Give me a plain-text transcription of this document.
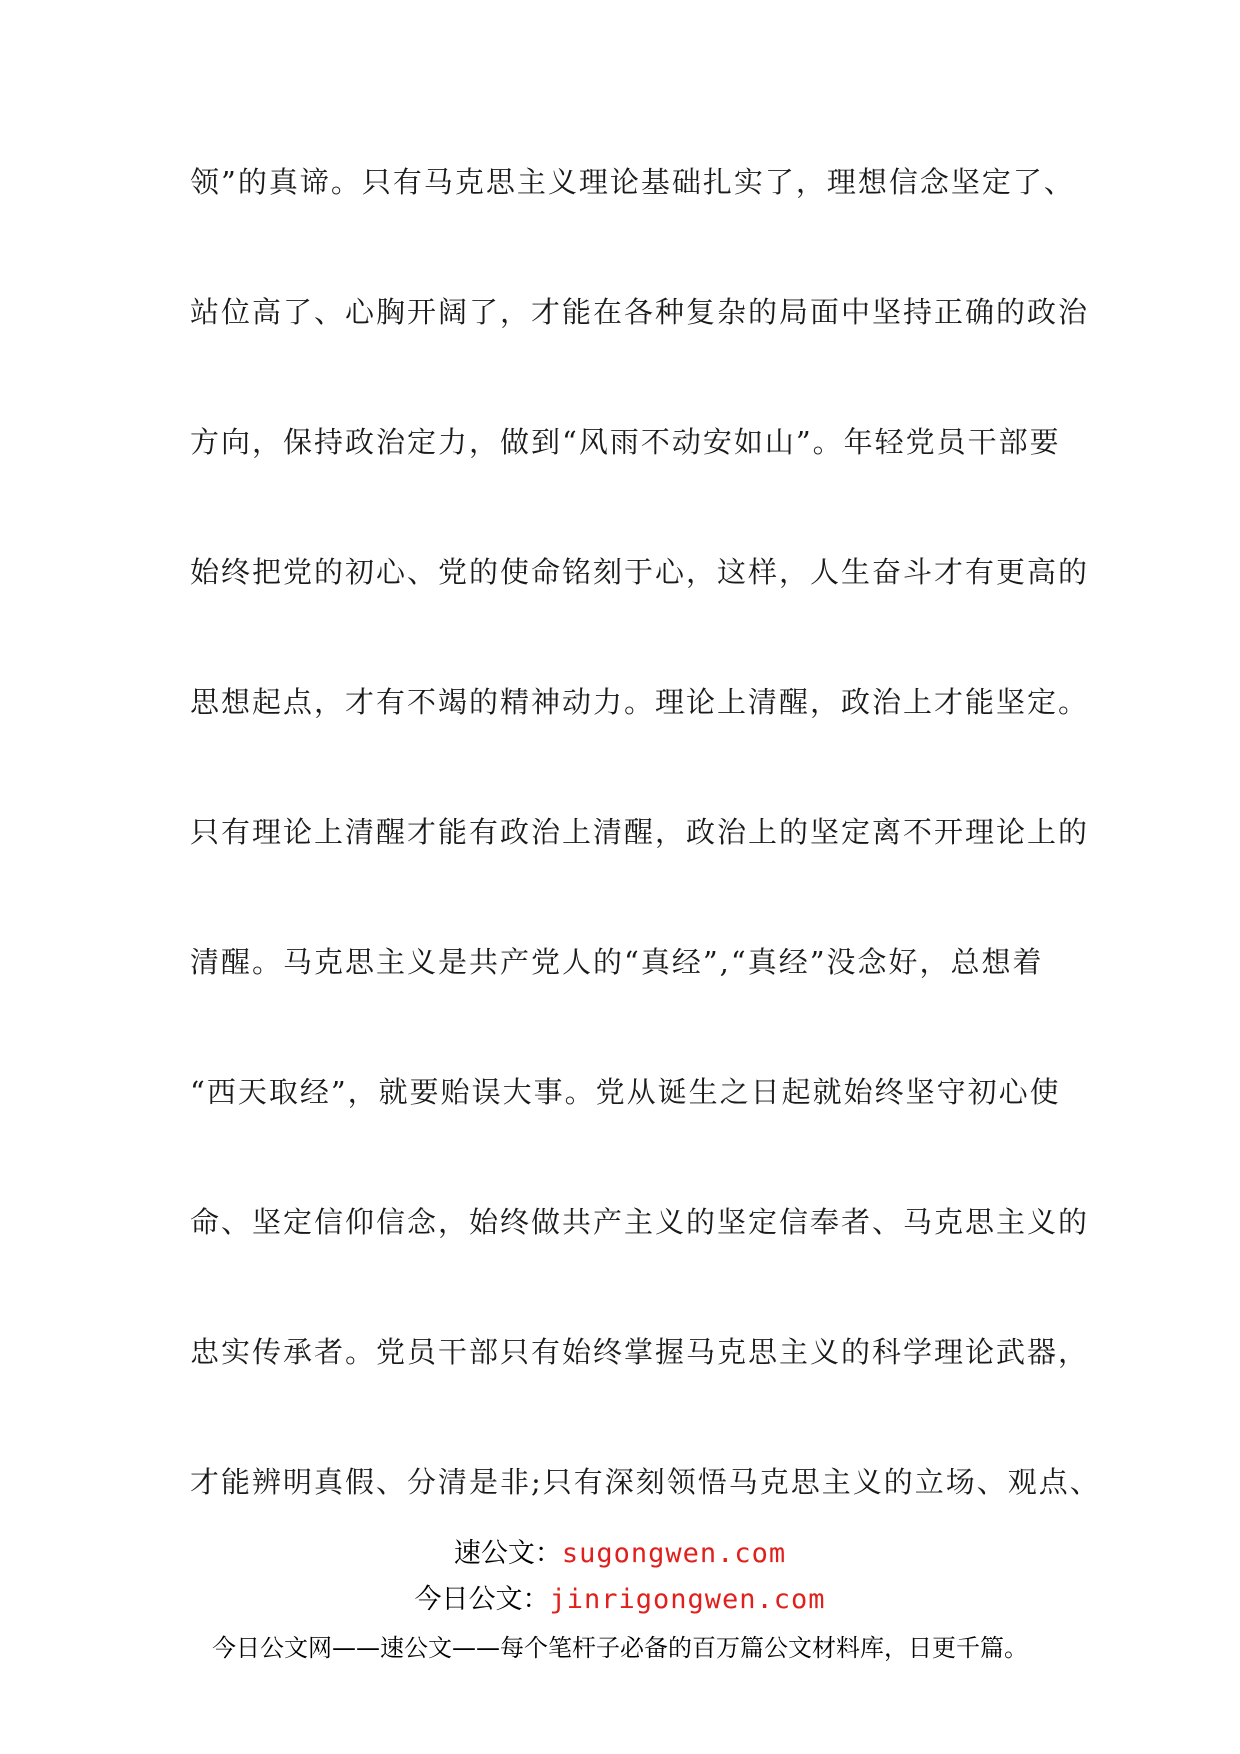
领”的真谛。只有马克思主义理论基础扎实了，理想信念坚定了、
站位高了、心胸开阔了，才能在各种复杂的局面中坚持正确的政治
方向，保持政治定力，做到“风雨不动安如山”。年轻党员干部要
始终把党的初心、党的使命铭刻于心，这样，人生奋斗才有更高的
思想起点，才有不竭的精神动力。理论上清醒，政治上才能坚定。
只有理论上清醒才能有政治上清醒，政治上的坚定离不开理论上的
清醒。马克思主义是共产党人的“真经”,“真经”没念好，总想着
“西天取经”，就要贻误大事。党从诞生之日起就始终坚守初心使
命、坚定信仰信念，始终做共产主义的坚定信奉者、马克思主义的
忠实传承者。党员干部只有始终掌握马克思主义的科学理论武器，
才能辨明真假、分清是非;只有深刻领悟马克思主义的立场、观点、
速公文：sugongwen.com
今日公文：jinrigongwen.com
今日公文网——速公文——每个笔杆子必备的百万篇公文材料库，日更千篇。
